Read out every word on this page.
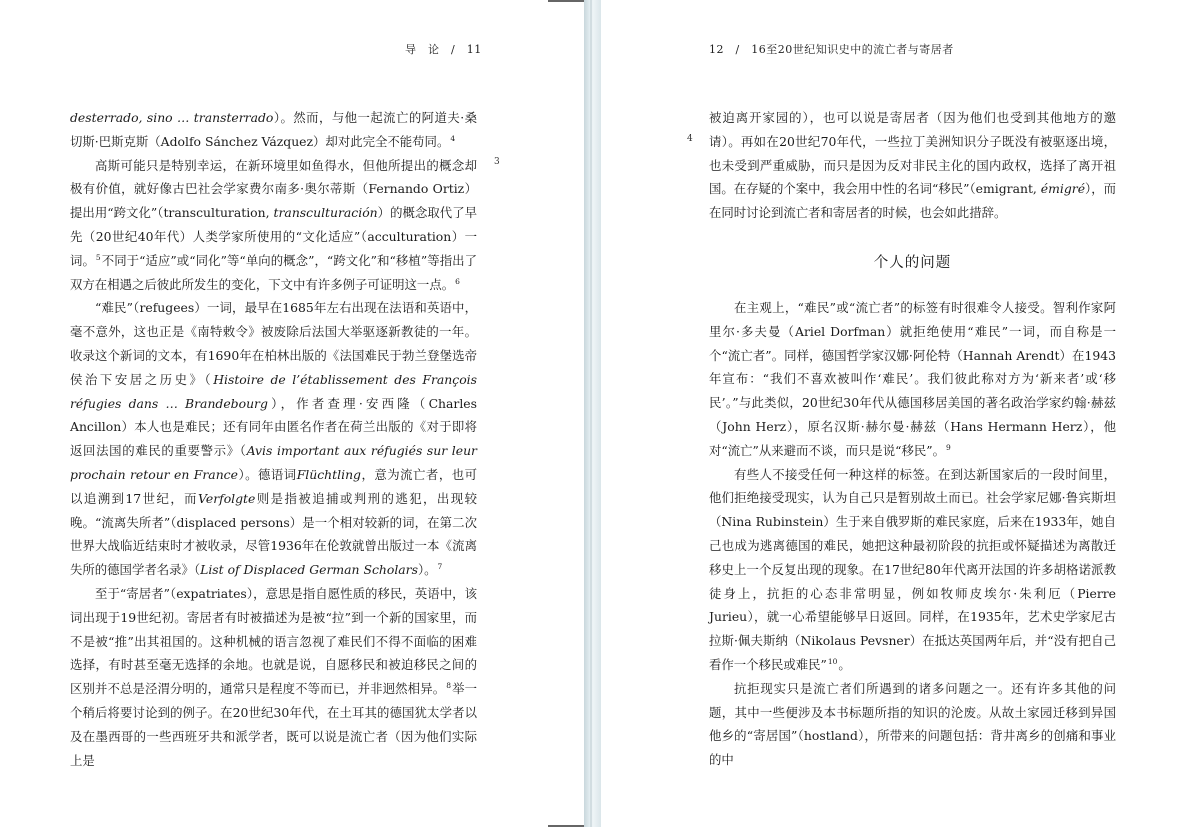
导　论　/　11
3

desterrado, sino … transterrado）。然而，与他一起流亡的阿道夫·桑切斯·巴斯克斯（Adolfo Sánchez Vázquez）却对此完全不能苟同。$^4$

高斯可能只是特别幸运，在新环境里如鱼得水，但他所提出的概念却极有价值，就好像古巴社会学家费尔南多·奥尔蒂斯（Fernando Ortiz）提出用“跨文化”（transculturation, transculturación）的概念取代了早先（20世纪40年代）人类学家所使用的“文化适应”（acculturation）一词。$^5$不同于“适应”或“同化”等“单向的概念”，“跨文化”和“移植”等指出了双方在相遇之后彼此所发生的变化，下文中有许多例子可证明这一点。$^6$

“难民”（refugees）一词，最早在1685年左右出现在法语和英语中，毫不意外，这也正是《南特敕令》被废除后法国大举驱逐新教徒的一年。收录这个新词的文本，有1690年在柏林出版的《法国难民于勃兰登堡选帝侯治下安居之历史》（Histoire de l’établissement des François réfugies dans … Brandebourg），作者查理·安西隆（Charles Ancillon）本人也是难民；还有同年由匿名作者在荷兰出版的《对于即将返回法国的难民的重要警示》（Avis important aux réfugiés sur leur prochain retour en France）。德语词Flüchtling，意为流亡者，也可以追溯到17世纪，而Verfolgte则是指被追捕或判刑的逃犯，出现较晚。“流离失所者”（displaced persons）是一个相对较新的词，在第二次世界大战临近结束时才被收录，尽管1936年在伦敦就曾出版过一本《流离失所的德国学者名录》（List of Displaced German Scholars）。$^7$

至于“寄居者”（expatriates），意思是指自愿性质的移民，英语中，该词出现于19世纪初。寄居者有时被描述为是被“拉”到一个新的国家里，而不是被“推”出其祖国的。这种机械的语言忽视了难民们不得不面临的困难选择，有时甚至毫无选择的余地。也就是说，自愿移民和被迫移民之间的区别并不总是泾渭分明的，通常只是程度不等而已，并非迥然相异。$^8$举一个稍后将要讨论到的例子。在20世纪30年代，在土耳其的德国犹太学者以及在墨西哥的一些西班牙共和派学者，既可以说是流亡者（因为他们实际上是

12　/　16至20世纪知识史中的流亡者与寄居者
4

被迫离开家园的），也可以说是寄居者（因为他们也受到其他地方的邀请）。再如在20世纪70年代，一些拉丁美洲知识分子既没有被驱逐出境，也未受到严重威胁，而只是因为反对非民主化的国内政权，选择了离开祖国。在存疑的个案中，我会用中性的名词“移民”（emigrant, émigré），而在同时讨论到流亡者和寄居者的时候，也会如此措辞。

个人的问题

在主观上，“难民”或“流亡者”的标签有时很难令人接受。智利作家阿里尔·多夫曼（Ariel Dorfman）就拒绝使用“难民”一词，而自称是一个“流亡者”。同样，德国哲学家汉娜·阿伦特（Hannah Arendt）在1943年宣布：“我们不喜欢被叫作‘难民’。我们彼此称对方为‘新来者’或‘移民’。”与此类似，20世纪30年代从德国移居美国的著名政治学家约翰·赫兹（John Herz），原名汉斯·赫尔曼·赫兹（Hans Hermann Herz），他对“流亡”从来避而不谈，而只是说“移民”。$^9$

有些人不接受任何一种这样的标签。在到达新国家后的一段时间里，他们拒绝接受现实，认为自己只是暂别故土而已。社会学家尼娜·鲁宾斯坦（Nina Rubinstein）生于来自俄罗斯的难民家庭，后来在1933年，她自己也成为逃离德国的难民，她把这种最初阶段的抗拒或怀疑描述为离散迁移史上一个反复出现的现象。在17世纪80年代离开法国的许多胡格诺派教徒身上，抗拒的心态非常明显，例如牧师皮埃尔·朱利厄（Pierre Jurieu），就一心希望能够早日返回。同样，在1935年，艺术史学家尼古拉斯·佩夫斯纳（Nikolaus Pevsner）在抵达英国两年后，并“没有把自己看作一个移民或难民”$^{10}$。

抗拒现实只是流亡者们所遇到的诸多问题之一。还有许多其他的问题，其中一些便涉及本书标题所指的知识的沦废。从故土家园迁移到异国他乡的“寄居国”（hostland），所带来的问题包括：背井离乡的创痛和事业的中
